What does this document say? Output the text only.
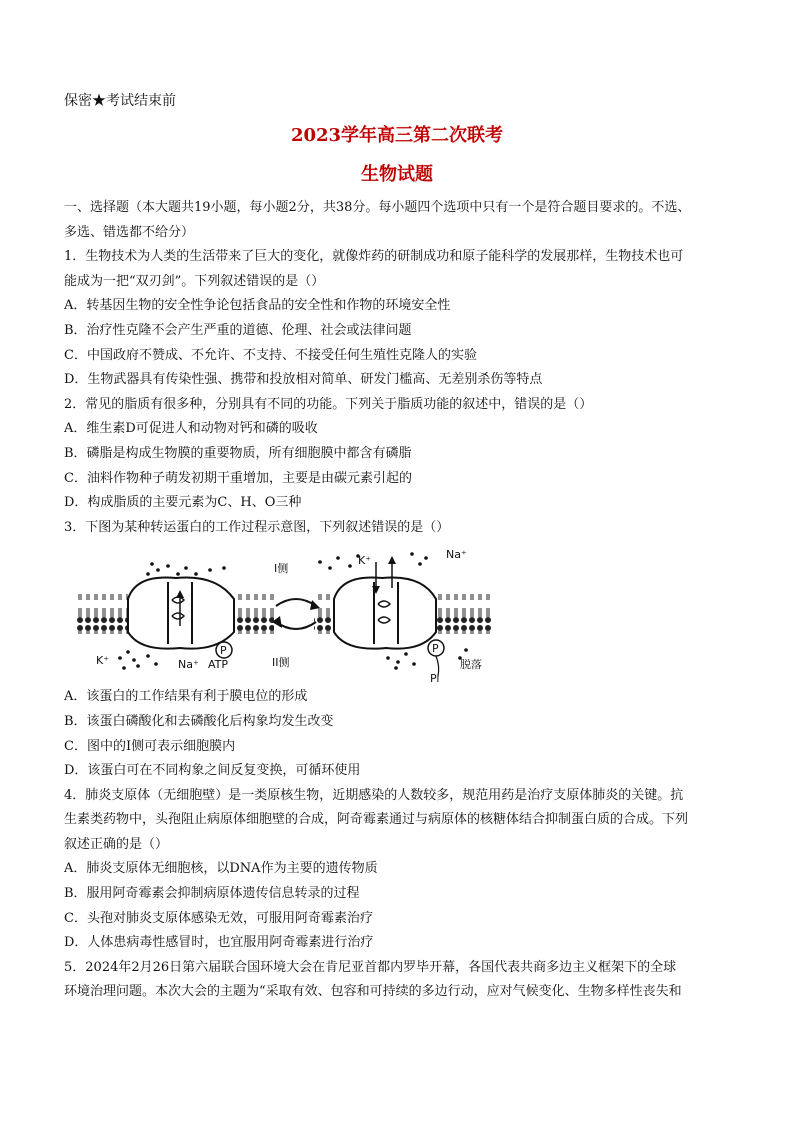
保密★考试结束前
2023学年高三第二次联考
生物试题
一、选择题（本大题共19小题，每小题2分，共38分。每小题四个选项中只有一个是符合题目要求的。不选、
多选、错选都不给分）
1．生物技术为人类的生活带来了巨大的变化，就像炸药的研制成功和原子能科学的发展那样，生物技术也可
能成为一把“双刃剑”。下列叙述错误的是（）
A．转基因生物的安全性争论包括食品的安全性和作物的环境安全性
B．治疗性克隆不会产生严重的道德、伦理、社会或法律问题
C．中国政府不赞成、不允许、不支持、不接受任何生殖性克隆人的实验
D．生物武器具有传染性强、携带和投放相对简单、研发门槛高、无差别杀伤等特点
2．常见的脂质有很多种，分别具有不同的功能。下列关于脂质功能的叙述中，错误的是（）
A．维生素D可促进人和动物对钙和磷的吸收
B．磷脂是构成生物膜的重要物质，所有细胞膜中都含有磷脂
C．油料作物种子萌发初期干重增加，主要是由碳元素引起的
D．构成脂质的主要元素为C、H、O三种
3．下图为某种转运蛋白的工作过程示意图，下列叙述错误的是（）
P	P
I侧
II侧
K⁺	Na⁺
K⁺	Na⁺ ATP	脱落
Pi
A．该蛋白的工作结果有利于膜电位的形成
B．该蛋白磷酸化和去磷酸化后构象均发生改变
C．图中的I侧可表示细胞膜内
D．该蛋白可在不同构象之间反复变换，可循环使用
4．肺炎支原体（无细胞壁）是一类原核生物，近期感染的人数较多，规范用药是治疗支原体肺炎的关键。抗
生素类药物中，头孢阻止病原体细胞壁的合成，阿奇霉素通过与病原体的核糖体结合抑制蛋白质的合成。下列
叙述正确的是（）
A．肺炎支原体无细胞核，以DNA作为主要的遗传物质
B．服用阿奇霉素会抑制病原体遗传信息转录的过程
C．头孢对肺炎支原体感染无效，可服用阿奇霉素治疗
D．人体患病毒性感冒时，也宜服用阿奇霉素进行治疗
5．2024年2月26日第六届联合国环境大会在肯尼亚首都内罗毕开幕，各国代表共商多边主义框架下的全球
环境治理问题。本次大会的主题为“采取有效、包容和可持续的多边行动，应对气候变化、生物多样性丧失和
